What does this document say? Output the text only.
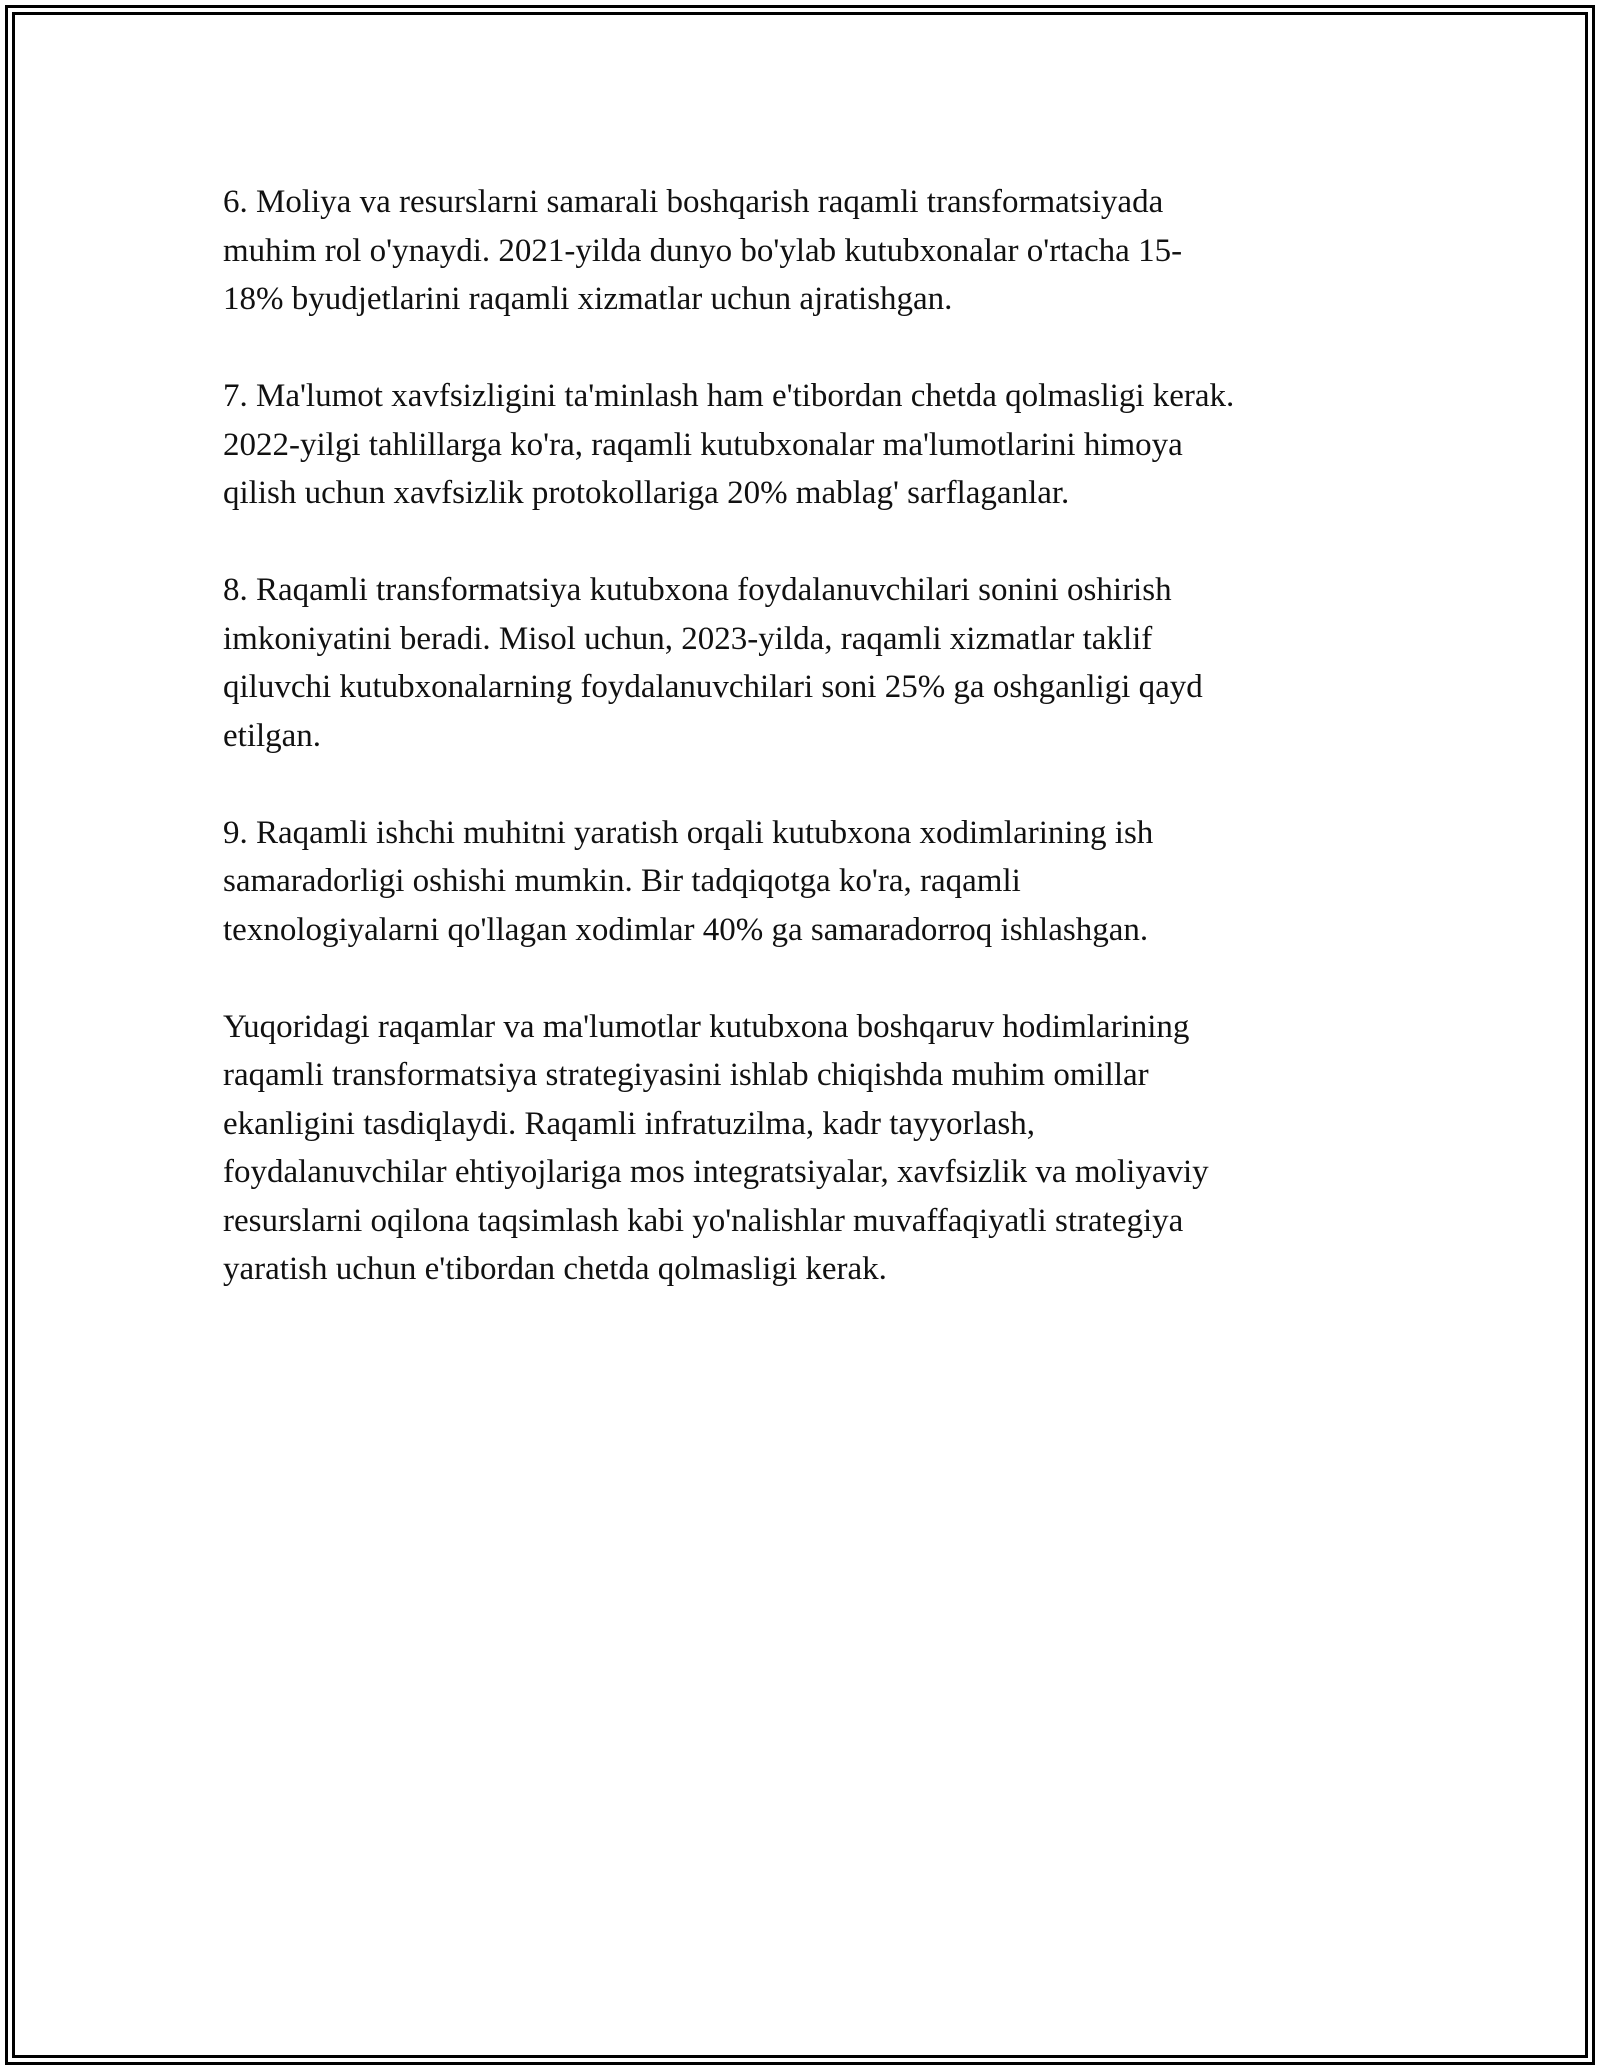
6. Moliya va resurslarni samarali boshqarish raqamli transformatsiyada
muhim rol o'ynaydi. 2021-yilda dunyo bo'ylab kutubxonalar o'rtacha 15-
18% byudjetlarini raqamli xizmatlar uchun ajratishgan.

7. Ma'lumot xavfsizligini ta'minlash ham e'tibordan chetda qolmasligi kerak.
2022-yilgi tahlillarga ko'ra, raqamli kutubxonalar ma'lumotlarini himoya
qilish uchun xavfsizlik protokollariga 20% mablag' sarflaganlar.

8. Raqamli transformatsiya kutubxona foydalanuvchilari sonini oshirish
imkoniyatini beradi. Misol uchun, 2023-yilda, raqamli xizmatlar taklif
qiluvchi kutubxonalarning foydalanuvchilari soni 25% ga oshganligi qayd
etilgan.

9. Raqamli ishchi muhitni yaratish orqali kutubxona xodimlarining ish
samaradorligi oshishi mumkin. Bir tadqiqotga ko'ra, raqamli
texnologiyalarni qo'llagan xodimlar 40% ga samaradorroq ishlashgan.

Yuqoridagi raqamlar va ma'lumotlar kutubxona boshqaruv hodimlarining
raqamli transformatsiya strategiyasini ishlab chiqishda muhim omillar
ekanligini tasdiqlaydi. Raqamli infratuzilma, kadr tayyorlash,
foydalanuvchilar ehtiyojlariga mos integratsiyalar, xavfsizlik va moliyaviy
resurslarni oqilona taqsimlash kabi yo'nalishlar muvaffaqiyatli strategiya
yaratish uchun e'tibordan chetda qolmasligi kerak.
